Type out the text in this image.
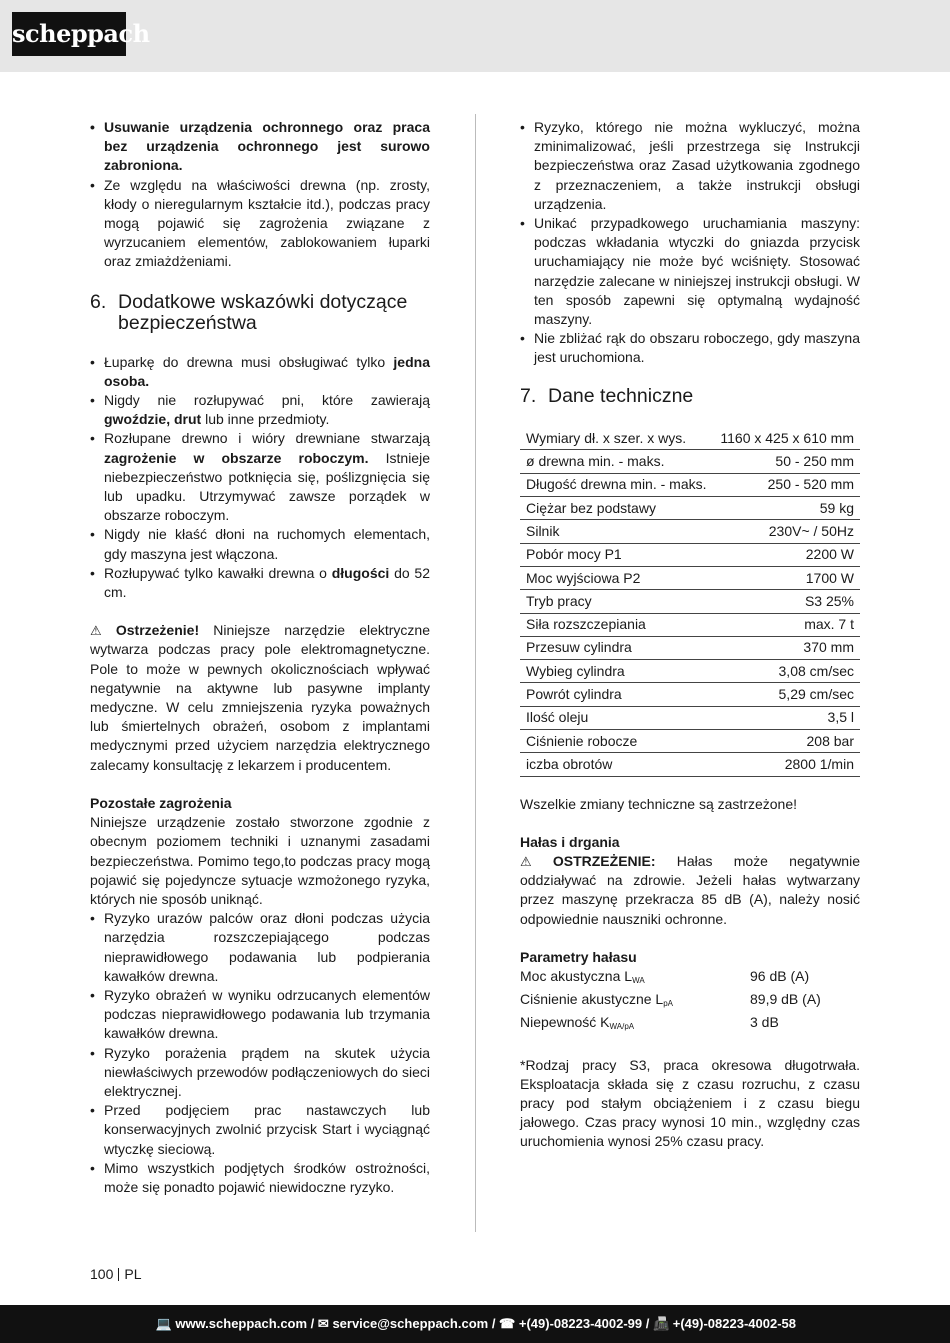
scheppach
• Usuwanie urządzenia ochronnego oraz praca bez urządzenia ochronnego jest surowo zabroniona.
• Ze względu na właściwości drewna (np. zrosty, kłody o nieregularnym kształcie itd.), podczas pracy mogą pojawić się zagrożenia związane z wyrzucaniem elementów, zablokowaniem łuparki oraz zmiażdżeniami.
6. Dodatkowe wskazówki dotyczące bezpieczeństwa
• Łuparkę do drewna musi obsługiwać tylko jedna osoba.
• Nigdy nie rozłupywać pni, które zawierają gwoździe, drut lub inne przedmioty.
• Rozłupane drewno i wióry drewniane stwarzają zagrożenie w obszarze roboczym. Istnieje niebezpieczeństwo potknięcia się, poślizgnięcia się lub upadku. Utrzymywać zawsze porządek w obszarze roboczym.
• Nigdy nie kłaść dłoni na ruchomych elementach, gdy maszyna jest włączona.
• Rozłupywać tylko kawałki drewna o długości do 52 cm.

⚠ Ostrzeżenie! Niniejsze narzędzie elektryczne wytwarza podczas pracy pole elektromagnetyczne. Pole to może w pewnych okolicznościach wpływać negatywnie na aktywne lub pasywne implanty medyczne. W celu zmniejszenia ryzyka poważnych lub śmiertelnych obrażeń, osobom z implantami medycznymi przed użyciem narzędzia elektrycznego zalecamy konsultację z lekarzem i producentem.

Pozostałe zagrożenia

Niniejsze urządzenie zostało stworzone zgodnie z obecnym poziomem techniki i uznanymi zasadami bezpieczeństwa. Pomimo tego,to podczas pracy mogą pojawić się pojedyncze sytuacje wzmożonego ryzyka, których nie sposób uniknąć.

• Ryzyko urazów palców oraz dłoni podczas użycia narzędzia rozszczepiającego podczas nieprawidłowego podawania lub podpierania kawałków drewna.
• Ryzyko obrażeń w wyniku odrzucanych elementów podczas nieprawidłowego podawania lub trzymania kawałków drewna.
• Ryzyko porażenia prądem na skutek użycia niewłaściwych przewodów podłączeniowych do sieci elektrycznej.
• Przed podjęciem prac nastawczych lub konserwacyjnych zwolnić przycisk Start i wyciągnąć wtyczkę sieciową.
• Mimo wszystkich podjętych środków ostrożności, może się ponadto pojawić niewidoczne ryzyko.
• Ryzyko, którego nie można wykluczyć, można zminimalizować, jeśli przestrzega się Instrukcji bezpieczeństwa oraz Zasad użytkowania zgodnego z przeznaczeniem, a także instrukcji obsługi urządzenia.
• Unikać przypadkowego uruchamiania maszyny: podczas wkładania wtyczki do gniazda przycisk uruchamiający nie może być wciśnięty. Stosować narzędzie zalecane w niniejszej instrukcji obsługi. W ten sposób zapewni się optymalną wydajność maszyny.
• Nie zbliżać rąk do obszaru roboczego, gdy maszyna jest uruchomiona.
7. Dane techniczne
Wymiary dł. x szer. x wys.	1160 x 425 x 610 mm
ø drewna min. - maks.	50 - 250 mm
Długość drewna min. - maks.	250 - 520 mm
Ciężar bez podstawy	59 kg
Silnik	230V~ / 50Hz
Pobór mocy P1	2200 W
Moc wyjściowa P2	1700 W
Tryb pracy	S3 25%
Siła rozszczepiania	max. 7 t
Przesuw cylindra	370 mm
Wybieg cylindra	3,08 cm/sec
Powrót cylindra	5,29 cm/sec
Ilość oleju	3,5 l
Ciśnienie robocze	208 bar
iczba obrotów	2800 1/min

Wszelkie zmiany techniczne są zastrzeżone!

Hałas i drgania

⚠ OSTRZEŻENIE: Hałas może negatywnie oddziaływać na zdrowie. Jeżeli hałas wytwarzany przez maszynę przekracza 85 dB (A), należy nosić odpowiednie nauszniki ochronne.

Parametry hałasu

Moc akustyczna $L_{WA}$	96 dB (A)
Ciśnienie akustyczne $L_{pA}$	89,9 dB (A)
Niepewność $K_{WA/pA}$	3 dB

*Rodzaj pracy S3, praca okresowa długotrwała. Eksploatacja składa się z czasu rozruchu, z czasu pracy pod stałym obciążeniem i z czasu biegu jałowego. Czas pracy wynosi 10 min., względny czas uruchomienia wynosi 25% czasu pracy.

100 PL
💻 www.scheppach.com / ✉ service@scheppach.com / ☎ +(49)-08223-4002-99 / 📠 +(49)-08223-4002-58
